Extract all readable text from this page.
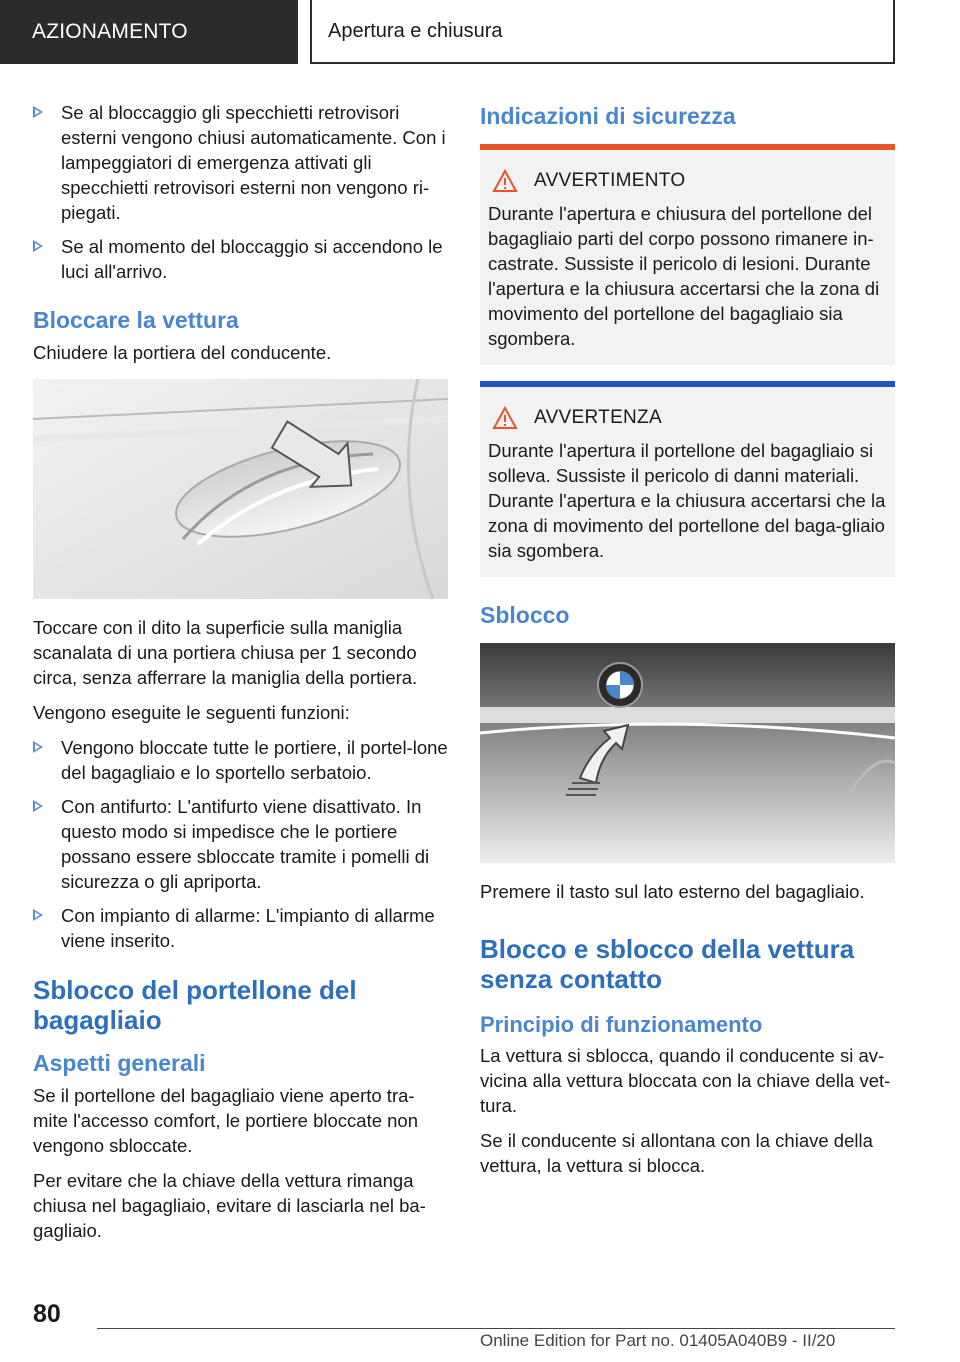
AZIONAMENTO	Apertura e chiusura
Se al bloccaggio gli specchietti retrovisori esterni vengono chiusi automaticamente. Con i lampeggiatori di emergenza attivati gli specchietti retrovisori esterni non vengono ri-piegati.
Se al momento del bloccaggio si accendono le luci all'arrivo.
Bloccare la vettura

Chiudere la portiera del conducente.

Toccare con il dito la superficie sulla maniglia scanalata di una portiera chiusa per 1 secondo circa, senza afferrare la maniglia della portiera.

Vengono eseguite le seguenti funzioni:

Vengono bloccate tutte le portiere, il portel-lone del bagagliaio e lo sportello serbatoio.
Con antifurto: L'antifurto viene disattivato. In questo modo si impedisce che le portiere possano essere sbloccate tramite i pomelli di sicurezza o gli apriporta.
Con impianto di allarme: L'impianto di allarme viene inserito.
Sblocco del portellone del bagagliaio
Aspetti generali

Se il portellone del bagagliaio viene aperto tra-mite l'accesso comfort, le portiere bloccate non vengono sbloccate.

Per evitare che la chiave della vettura rimanga chiusa nel bagagliaio, evitare di lasciarla nel ba-gagliaio.

Indicazioni di sicurezza
AVVERTIMENTO
Durante l'apertura e chiusura del portellone del bagagliaio parti del corpo possono rimanere in-castrate. Sussiste il pericolo di lesioni. Durante l'apertura e la chiusura accertarsi che la zona di movimento del portellone del bagagliaio sia sgombera.
AVVERTENZA
Durante l'apertura il portellone del bagagliaio si solleva. Sussiste il pericolo di danni materiali. Durante l'apertura e la chiusura accertarsi che la zona di movimento del portellone del baga-gliaio sia sgombera.
Sblocco

Premere il tasto sul lato esterno del bagagliaio.

Blocco e sblocco della vettura senza contatto
Principio di funzionamento

La vettura si sblocca, quando il conducente si av-vicina alla vettura bloccata con la chiave della vet-tura.

Se il conducente si allontana con la chiave della vettura, la vettura si blocca.

80
Online Edition for Part no. 01405A040B9 - II/20
